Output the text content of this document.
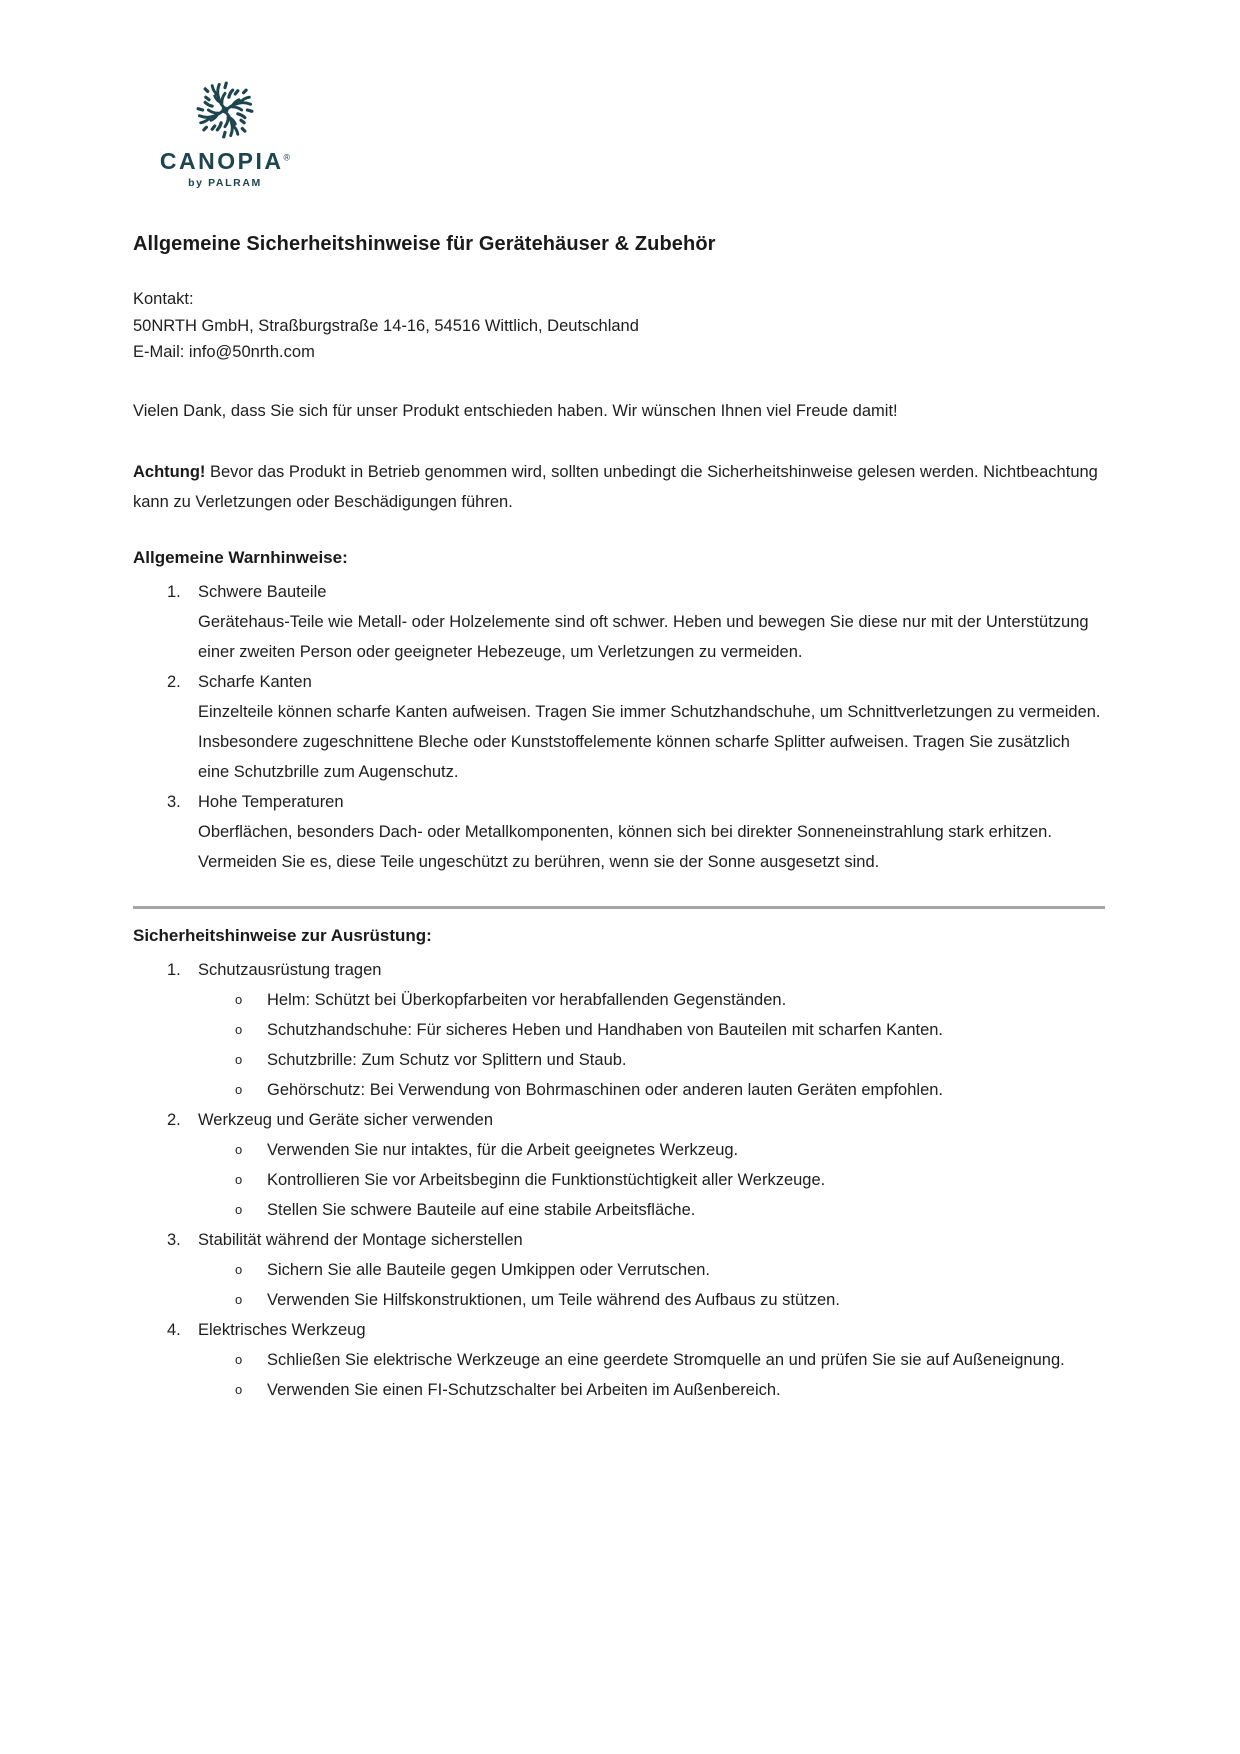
CANOPIA®
by PALRAM
Allgemeine Sicherheitshinweise für Gerätehäuser & Zubehör
Kontakt:
50NRTH GmbH, Straßburgstraße 14-16, 54516 Wittlich, Deutschland
E-Mail: info@50nrth.com

Vielen Dank, dass Sie sich für unser Produkt entschieden haben. Wir wünschen Ihnen viel Freude damit!

Achtung! Bevor das Produkt in Betrieb genommen wird, sollten unbedingt die Sicherheitshinweise gelesen werden. Nichtbeachtung kann zu Verletzungen oder Beschädigungen führen.

Allgemeine Warnhinweise:
1.	Schwere Bauteile
Gerätehaus-Teile wie Metall- oder Holzelemente sind oft schwer. Heben und bewegen Sie diese nur mit der Unterstützung einer zweiten Person oder geeigneter Hebezeuge, um Verletzungen zu vermeiden.
2.	Scharfe Kanten
Einzelteile können scharfe Kanten aufweisen. Tragen Sie immer Schutzhandschuhe, um Schnittverletzungen zu vermeiden. Insbesondere zugeschnittene Bleche oder Kunststoffelemente können scharfe Splitter aufweisen. Tragen Sie zusätzlich eine Schutzbrille zum Augenschutz.
3.	Hohe Temperaturen
Oberflächen, besonders Dach- oder Metallkomponenten, können sich bei direkter Sonneneinstrahlung stark erhitzen. Vermeiden Sie es, diese Teile ungeschützt zu berühren, wenn sie der Sonne ausgesetzt sind.
Sicherheitshinweise zur Ausrüstung:
1.	Schutzausrüstung tragen
o	Helm: Schützt bei Überkopfarbeiten vor herabfallenden Gegenständen.
o	Schutzhandschuhe: Für sicheres Heben und Handhaben von Bauteilen mit scharfen Kanten.
o	Schutzbrille: Zum Schutz vor Splittern und Staub.
o	Gehörschutz: Bei Verwendung von Bohrmaschinen oder anderen lauten Geräten empfohlen.
2.	Werkzeug und Geräte sicher verwenden
o	Verwenden Sie nur intaktes, für die Arbeit geeignetes Werkzeug.
o	Kontrollieren Sie vor Arbeitsbeginn die Funktionstüchtigkeit aller Werkzeuge.
o	Stellen Sie schwere Bauteile auf eine stabile Arbeitsfläche.
3.	Stabilität während der Montage sicherstellen
o	Sichern Sie alle Bauteile gegen Umkippen oder Verrutschen.
o	Verwenden Sie Hilfskonstruktionen, um Teile während des Aufbaus zu stützen.
4.	Elektrisches Werkzeug
o	Schließen Sie elektrische Werkzeuge an eine geerdete Stromquelle an und prüfen Sie sie auf Außeneignung.
o	Verwenden Sie einen FI-Schutzschalter bei Arbeiten im Außenbereich.
